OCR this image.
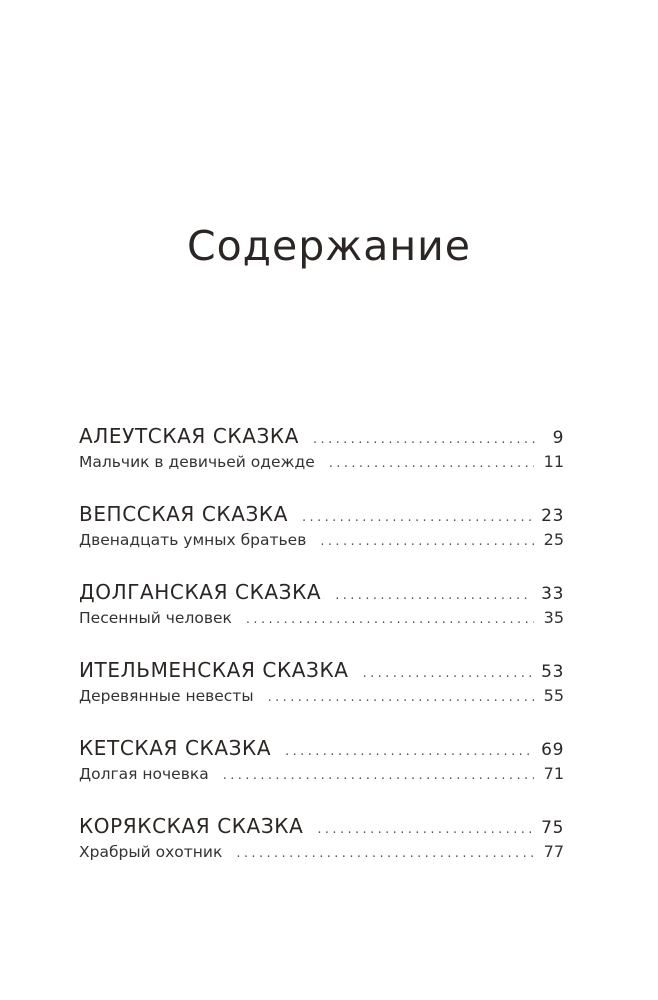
Содержание
АЛЕУТСКАЯ СКАЗКА .....	9
Мальчик в девичьей одежде .....	11
ВЕПССКАЯ СКАЗКА .....	23
Двенадцать умных братьев .....	25
ДОЛГАНСКАЯ СКАЗКА .....	33
Песенный человек .....	35
ИТЕЛЬМЕНСКАЯ СКАЗКА .....	53
Деревянные невесты .....	55
КЕТСКАЯ СКАЗКА .....	69
Долгая ночевка .....	71
КОРЯКСКАЯ СКАЗКА .....	75
Храбрый охотник .....	77
